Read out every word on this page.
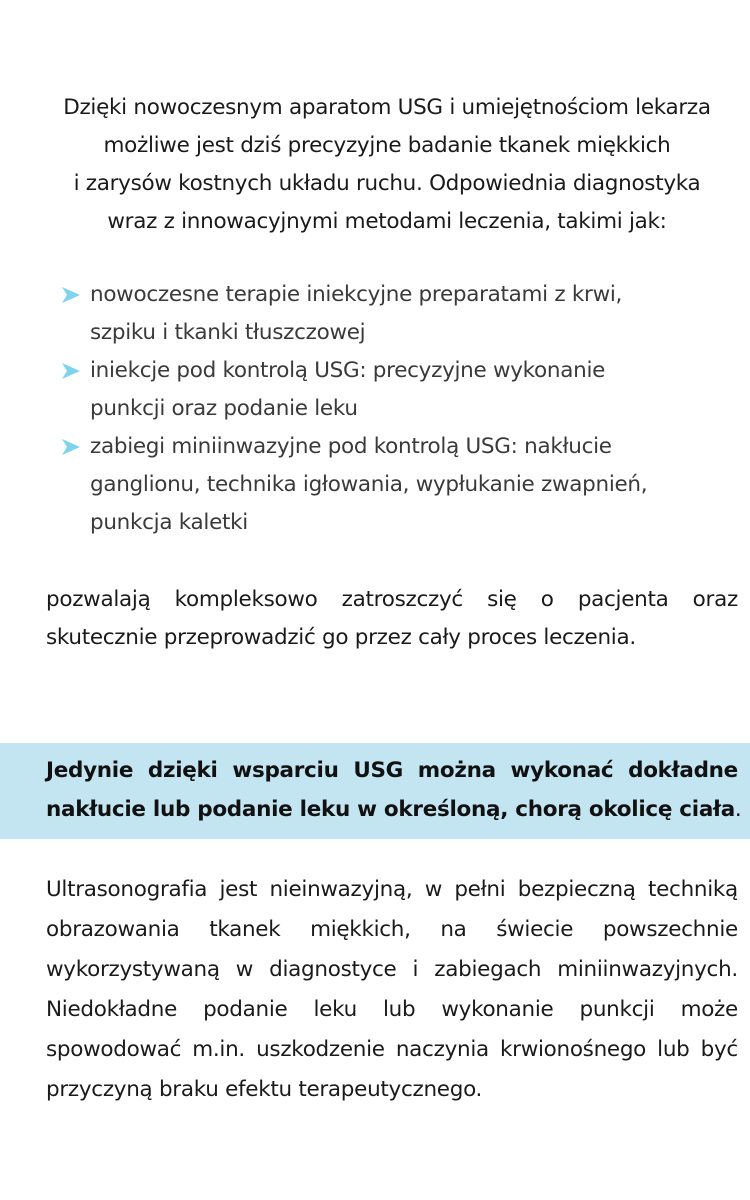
Dzięki nowoczesnym aparatom USG i umiejętnościom lekarza
możliwe jest dziś precyzyjne badanie tkanek miękkich
i zarysów kostnych układu ruchu. Odpowiednia diagnostyka
wraz z innowacyjnymi metodami leczenia, takimi jak:
nowoczesne terapie iniekcyjne preparatami z krwi,
szpiku i tkanki tłuszczowej
iniekcje pod kontrolą USG: precyzyjne wykonanie
punkcji oraz podanie leku
zabiegi miniinwazyjne pod kontrolą USG: nakłucie
ganglionu, technika igłowania, wypłukanie zwapnień,
punkcja kaletki
pozwalają kompleksowo zatroszczyć się o pacjenta oraz
skutecznie przeprowadzić go przez cały proces leczenia.
Jedynie dzięki wsparciu USG można wykonać dokładne
nakłucie lub podanie leku w określoną, chorą okolicę ciała.
Ultrasonografia jest nieinwazyjną, w pełni bezpieczną techniką
obrazowania tkanek miękkich, na świecie powszechnie
wykorzystywaną w diagnostyce i zabiegach miniinwazyjnych.
Niedokładne podanie leku lub wykonanie punkcji może
spowodować m.in. uszkodzenie naczynia krwionośnego lub być
przyczyną braku efektu terapeutycznego.
